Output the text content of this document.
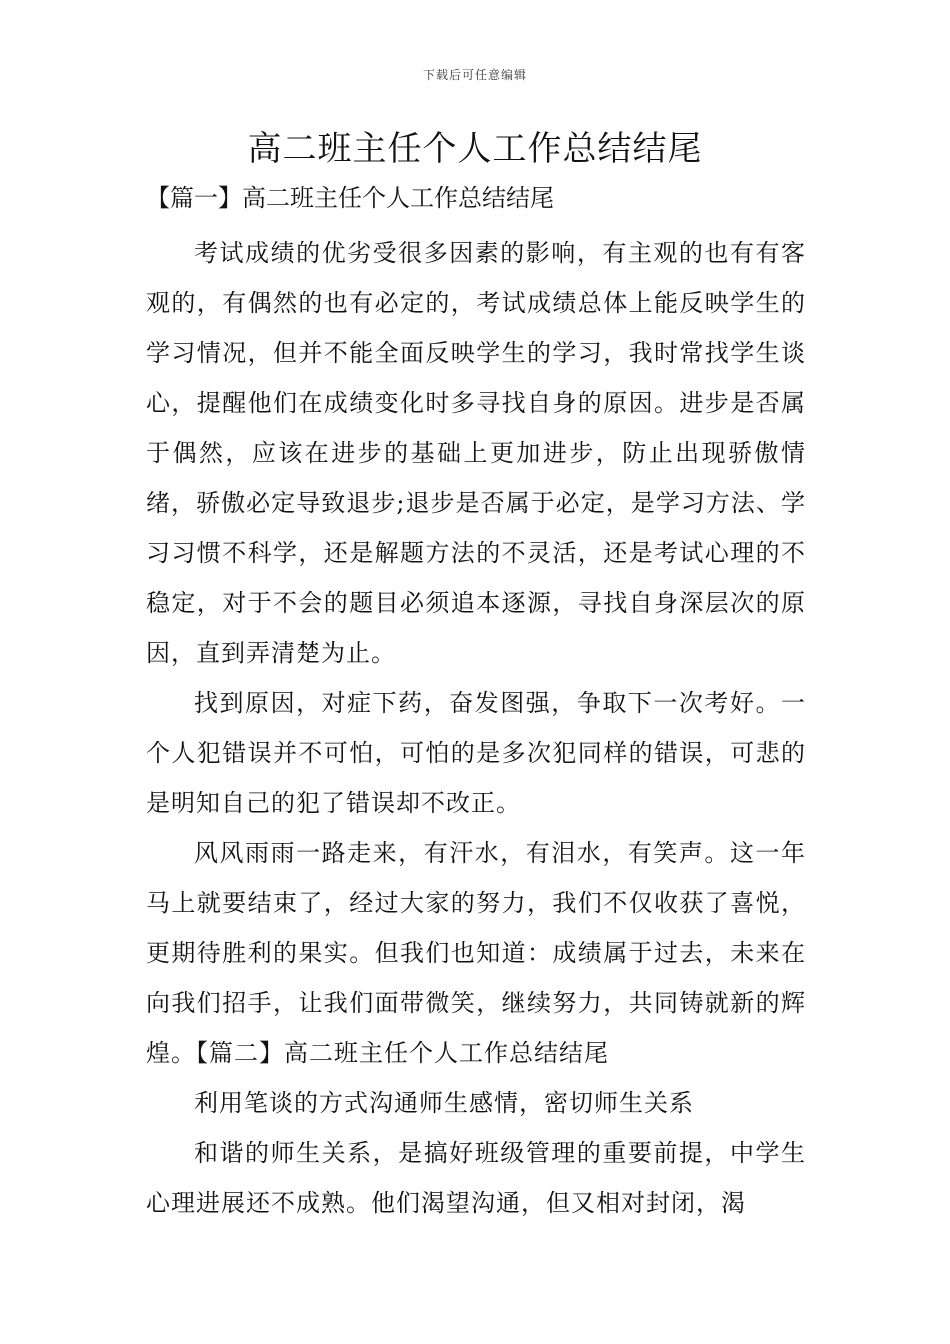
下载后可任意编辑
高二班主任个人工作总结结尾
【篇一】高二班主任个人工作总结结尾

考试成绩的优劣受很多因素的影响，有主观的也有有客观的，有偶然的也有必定的，考试成绩总体上能反映学生的学习情况，但并不能全面反映学生的学习，我时常找学生谈心，提醒他们在成绩变化时多寻找自身的原因。进步是否属于偶然，应该在进步的基础上更加进步，防止出现骄傲情绪，骄傲必定导致退步;退步是否属于必定，是学习方法、学习习惯不科学，还是解题方法的不灵活，还是考试心理的不稳定，对于不会的题目必须追本逐源，寻找自身深层次的原因，直到弄清楚为止。

找到原因，对症下药，奋发图强，争取下一次考好。一个人犯错误并不可怕，可怕的是多次犯同样的错误，可悲的是明知自己的犯了错误却不改正。

风风雨雨一路走来，有汗水，有泪水，有笑声。这一年马上就要结束了，经过大家的努力，我们不仅收获了喜悦，更期待胜利的果实。但我们也知道：成绩属于过去，未来在向我们招手，让我们面带微笑，继续努力，共同铸就新的辉煌。【篇二】高二班主任个人工作总结结尾

利用笔谈的方式沟通师生感情，密切师生关系

和谐的师生关系，是搞好班级管理的重要前提，中学生心理进展还不成熟。他们渴望沟通，但又相对封闭，渴
